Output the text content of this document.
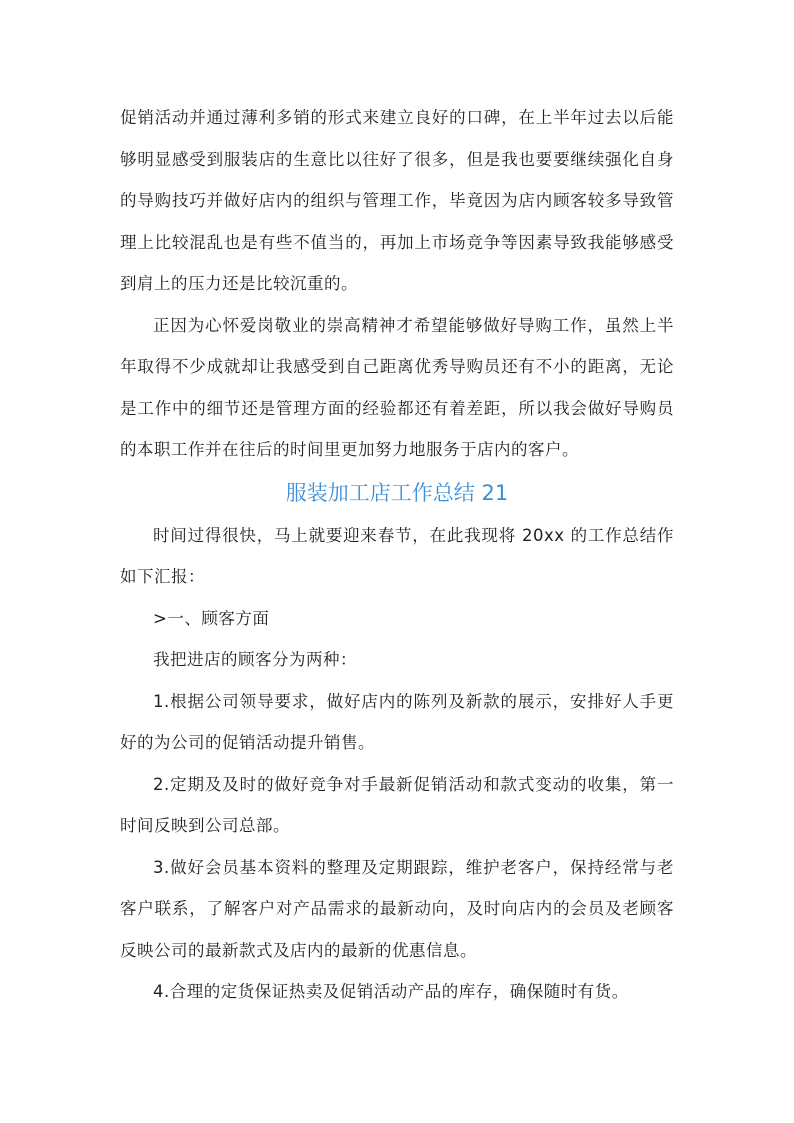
促销活动并通过薄利多销的形式来建立良好的口碑，在上半年过去以后能够明显感受到服装店的生意比以往好了很多，但是我也要要继续强化自身的导购技巧并做好店内的组织与管理工作，毕竟因为店内顾客较多导致管理上比较混乱也是有些不值当的，再加上市场竞争等因素导致我能够感受到肩上的压力还是比较沉重的。

正因为心怀爱岗敬业的崇高精神才希望能够做好导购工作，虽然上半年取得不少成就却让我感受到自己距离优秀导购员还有不小的距离，无论是工作中的细节还是管理方面的经验都还有着差距，所以我会做好导购员的本职工作并在往后的时间里更加努力地服务于店内的客户。

服装加工店工作总结 21

时间过得很快，马上就要迎来春节，在此我现将 20xx 的工作总结作如下汇报：

>一、顾客方面

我把进店的顾客分为两种：

1.根据公司领导要求，做好店内的陈列及新款的展示，安排好人手更好的为公司的促销活动提升销售。

2.定期及及时的做好竞争对手最新促销活动和款式变动的收集，第一时间反映到公司总部。

3.做好会员基本资料的整理及定期跟踪，维护老客户，保持经常与老客户联系，了解客户对产品需求的最新动向，及时向店内的会员及老顾客反映公司的最新款式及店内的最新的优惠信息。

4.合理的定货保证热卖及促销活动产品的库存，确保随时有货。
